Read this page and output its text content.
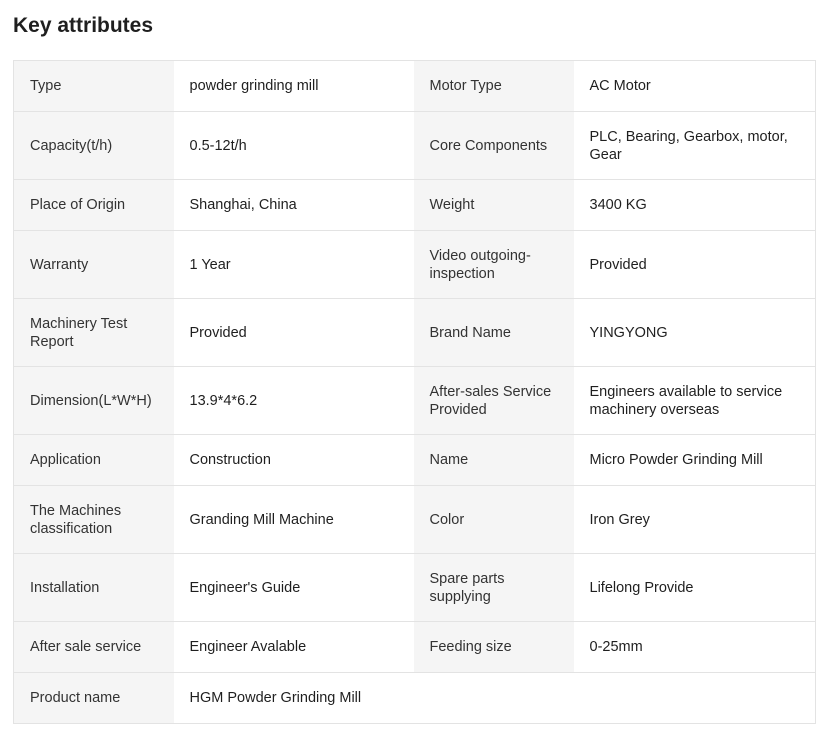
Key attributes
Type	powder grinding mill	Motor Type	AC Motor
Capacity(t/h)	0.5-12t/h	Core Components	PLC, Bearing, Gearbox, motor, Gear
Place of Origin	Shanghai, China	Weight	3400 KG
Warranty	1 Year	Video outgoing-inspection	Provided
Machinery Test Report	Provided	Brand Name	YINGYONG
Dimension(L*W*H)	13.9*4*6.2	After-sales Service Provided	Engineers available to service machinery overseas
Application	Construction	Name	Micro Powder Grinding Mill
The Machines classification	Granding Mill Machine	Color	Iron Grey
Installation	Engineer's Guide	Spare parts supplying	Lifelong Provide
After sale service	Engineer Avalable	Feeding size	0-25mm
Product name	HGM Powder Grinding Mill		
